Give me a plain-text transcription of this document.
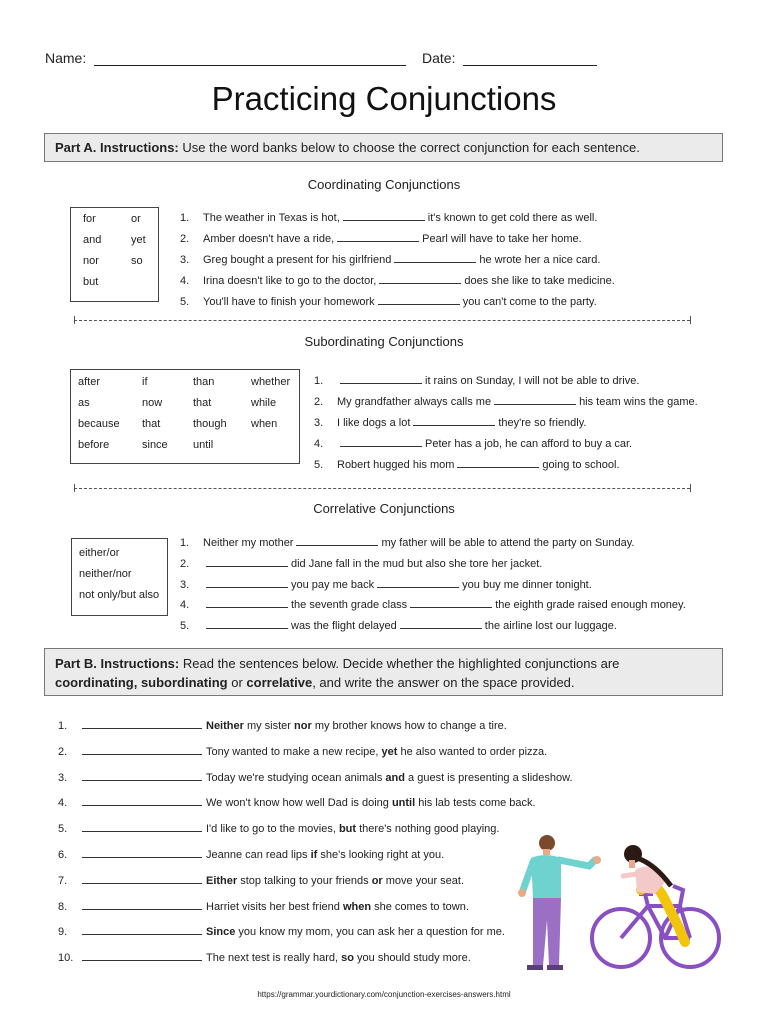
Name:	Date:
Practicing Conjunctions
Part A. Instructions: Use the word banks below to choose the correct conjunction for each sentence.
Coordinating Conjunctions
for	or
and	yet
nor	so
but
1. The weather in Texas is hot,	it's known to get cold there as well.
2. Amber doesn't have a ride,	Pearl will have to take her home.
3. Greg bought a present for his girlfriend	he wrote her a nice card.
4. Irina doesn't like to go to the doctor,	does she like to take medicine.
5. You'll have to finish your homework	you can't come to the party.
Subordinating Conjunctions
after	if	than	whether
as	now	that	while
because	that	though	when
before	since	until
1.	it rains on Sunday, I will not be able to drive.
2. My grandfather always calls me	his team wins the game.
3. I like dogs a lot	they're so friendly.
4.	Peter has a job, he can afford to buy a car.
5. Robert hugged his mom	going to school.
Correlative Conjunctions
either/or
neither/nor
not only/but also
1. Neither my mother	my father will be able to attend the party on Sunday.
2.	did Jane fall in the mud but also she tore her jacket.
3.	you pay me back	you buy me dinner tonight.
4.	the seventh grade class	the eighth grade raised enough money.
5.	was the flight delayed	the airline lost our luggage.
Part B. Instructions: Read the sentences below. Decide whether the highlighted conjunctions are
coordinating, subordinating or correlative, and write the answer on the space provided.
1.	Neither my sister nor my brother knows how to change a tire.
2.	Tony wanted to make a new recipe, yet he also wanted to order pizza.
3.	Today we're studying ocean animals and a guest is presenting a slideshow.
4.	We won't know how well Dad is doing until his lab tests come back.
5.	I'd like to go to the movies, but there's nothing good playing.
6.	Jeanne can read lips if she's looking right at you.
7.	Either stop talking to your friends or move your seat.
8.	Harriet visits her best friend when she comes to town.
9.	Since you know my mom, you can ask her a question for me.
10.	The next test is really hard, so you should study more.
https://grammar.yourdictionary.com/conjunction-exercises-answers.html
